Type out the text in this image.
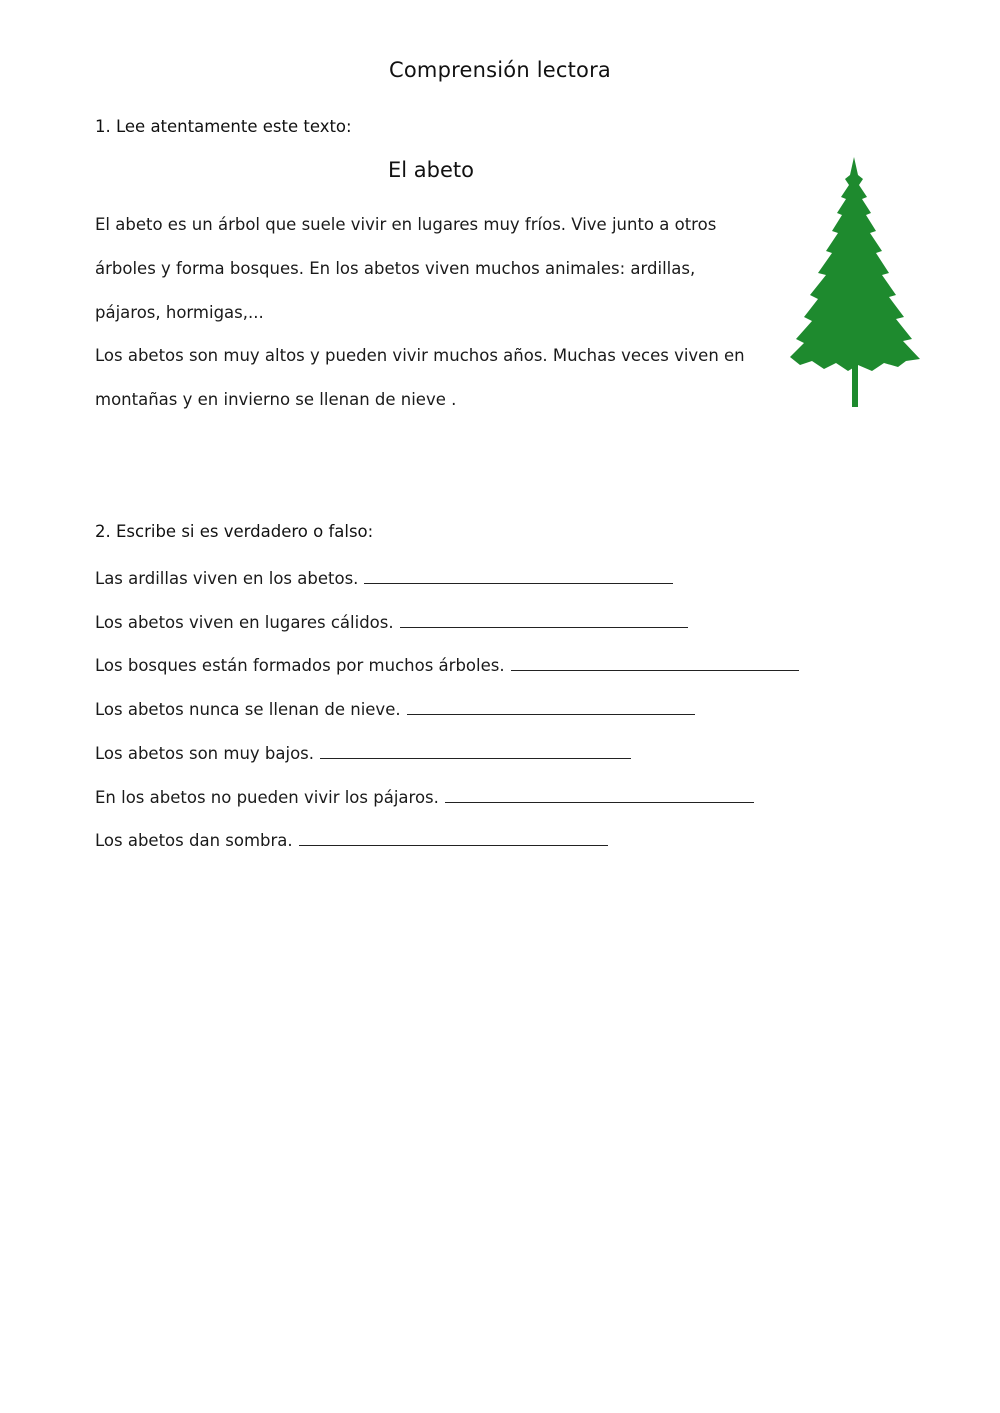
Comprensión lectora
1. Lee atentamente este texto:
El abeto
El abeto es un árbol que suele vivir en lugares muy fríos. Vive junto a otros
árboles y forma bosques. En los abetos viven muchos animales: ardillas,
pájaros, hormigas,...
Los abetos son muy altos y pueden vivir muchos años. Muchas veces viven en
montañas y en invierno se llenan de nieve .
2. Escribe si es verdadero o falso:
Las ardillas viven en los abetos.
Los abetos viven en lugares cálidos.
Los bosques están formados por muchos árboles.
Los abetos nunca se llenan de nieve.
Los abetos son muy bajos.
En los abetos no pueden vivir los pájaros.
Los abetos dan sombra.
